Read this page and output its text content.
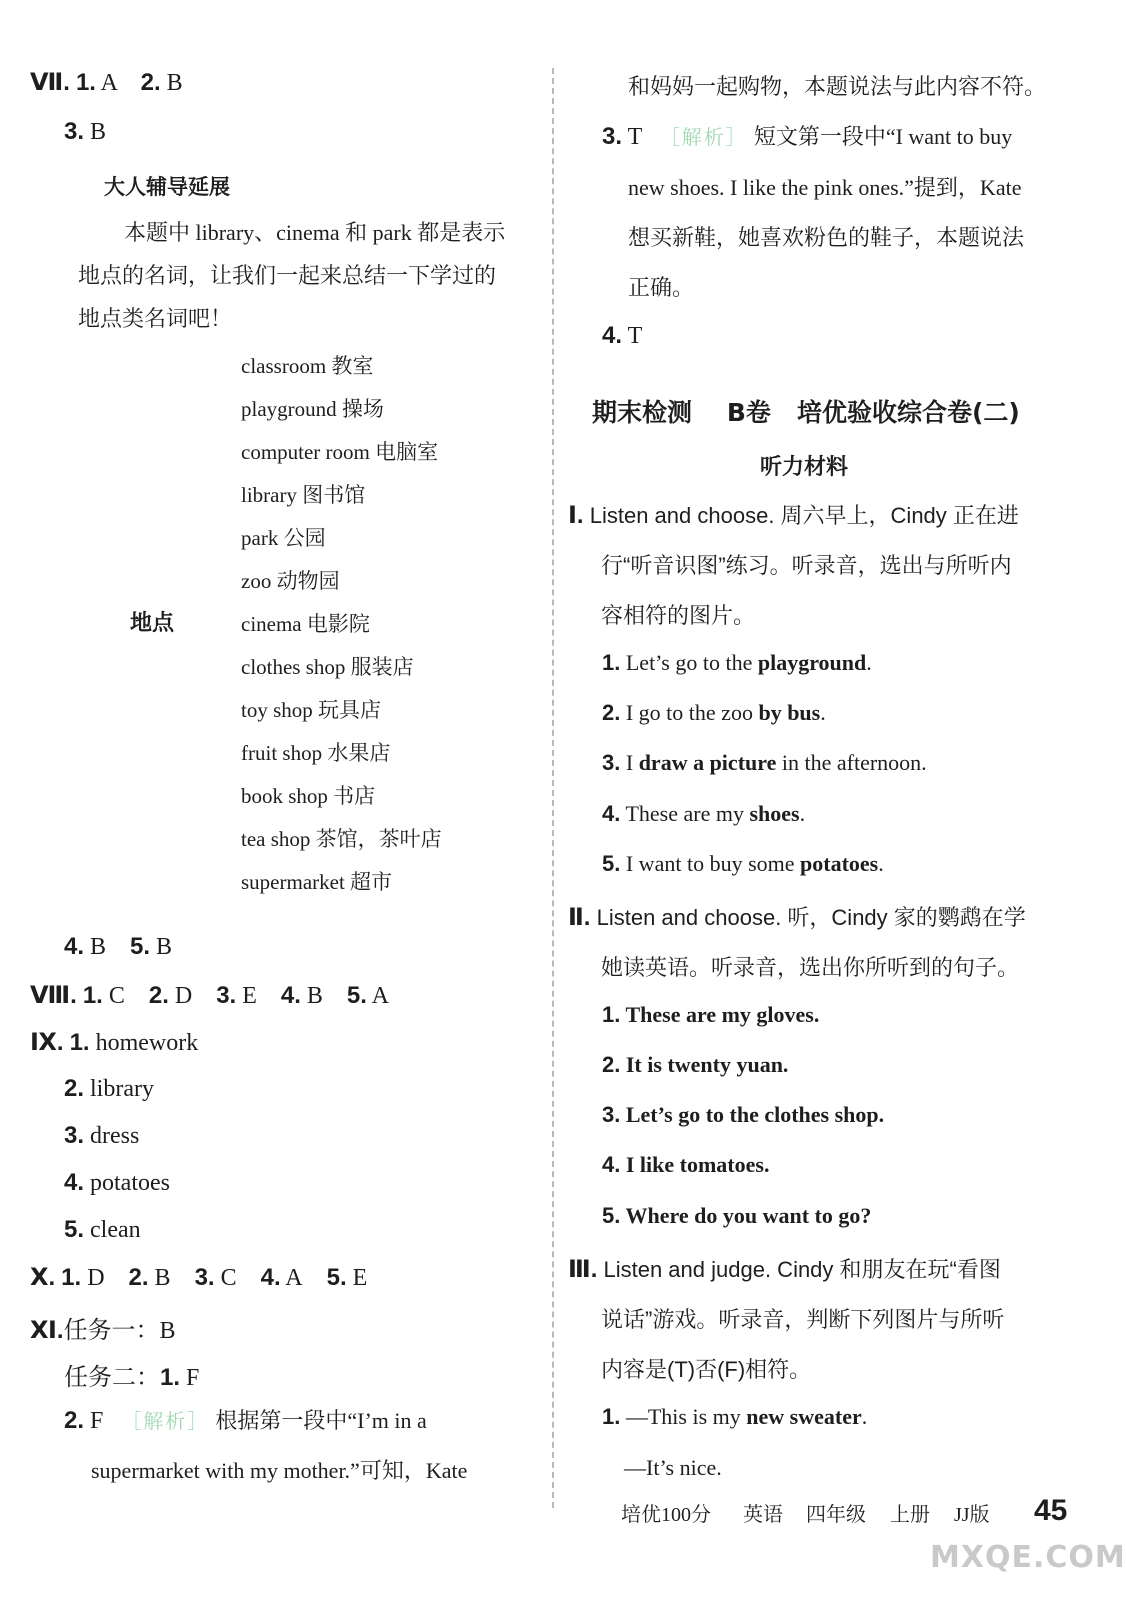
Ⅶ. 1. A 2. B
3. B
大人辅导延展
本题中 library、cinema 和 park 都是表示
地点的名词，让我们一起来总结一下学过的
地点类名词吧！
地点
classroom 教室
playground 操场
computer room 电脑室
library 图书馆
park 公园
zoo 动物园
cinema 电影院
clothes shop 服装店
toy shop 玩具店
fruit shop 水果店
book shop 书店
tea shop 茶馆，茶叶店
supermarket 超市
4. B 5. B
Ⅷ. 1. C 2. D 3. E 4. B 5. A
Ⅸ. 1. homework
2. library
3. dress
4. potatoes
5. clean
Ⅹ. 1. D 2. B 3. C 4. A 5. E
Ⅺ.任务一：B
任务二：1. F
2. F ［解析］ 根据第一段中“I’m in a
supermarket with my mother.”可知，Kate
和妈妈一起购物，本题说法与此内容不符。
3. T ［解析］ 短文第一段中“I want to buy
new shoes. I like the pink ones.”提到，Kate
想买新鞋，她喜欢粉色的鞋子，本题说法
正确。
4. T
期末检测    B卷   培优验收综合卷(二)
听力材料
Ⅰ. Listen and choose. 周六早上，Cindy 正在进
行“听音识图”练习。听录音，选出与所听内
容相符的图片。
1. Let’s go to the playground.
2. I go to the zoo by bus.
3. I draw a picture in the afternoon.
4. These are my shoes.
5. I want to buy some potatoes.
Ⅱ. Listen and choose. 听，Cindy 家的鹦鹉在学
她读英语。听录音，选出你所听到的句子。
1. These are my gloves.
2. It is twenty yuan.
3. Let’s go to the clothes shop.
4. I like tomatoes.
5. Where do you want to go?
Ⅲ. Listen and judge. Cindy 和朋友在玩“看图
说话”游戏。听录音，判断下列图片与所听
内容是(T)否(F)相符。
1. —This is my new sweater.
—It’s nice.
培优100分 英语 四年级 上册 JJ版 45
MXQE.COM
